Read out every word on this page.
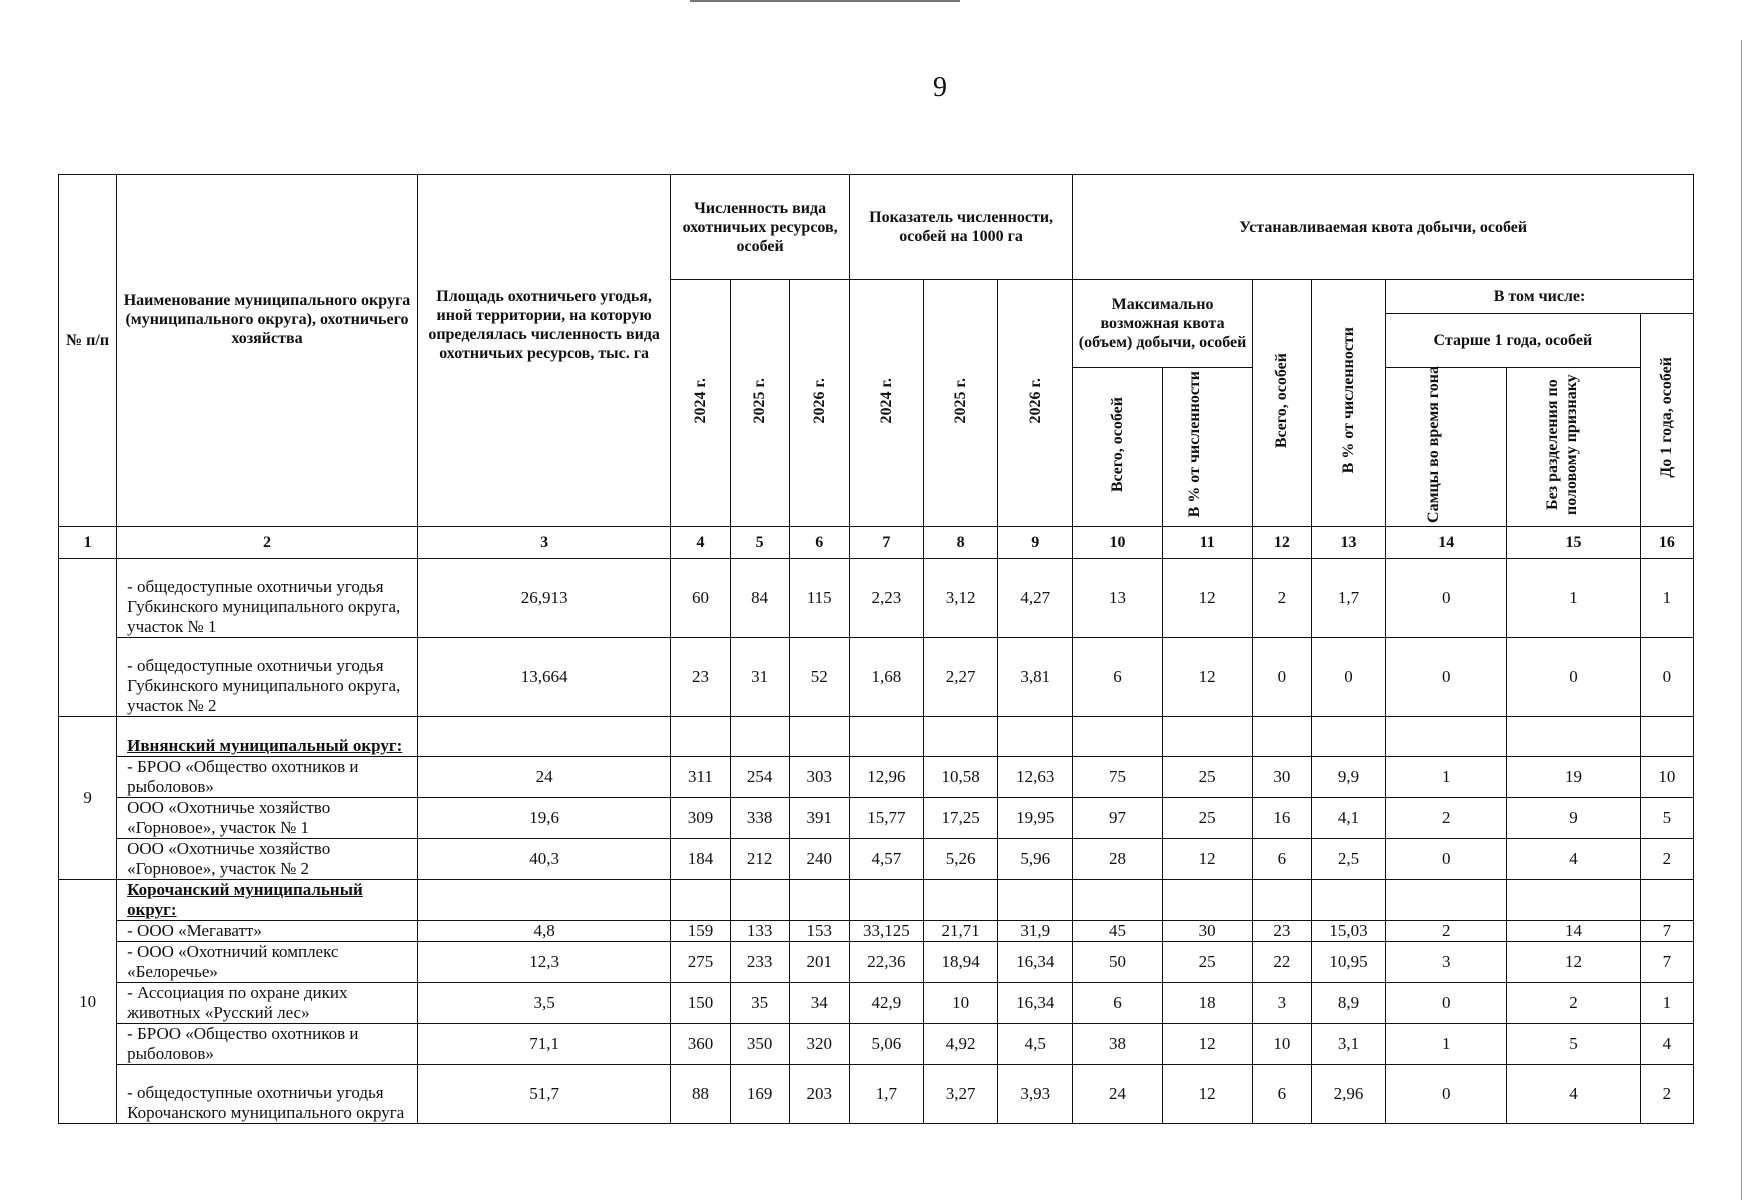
9
№ п/п	Наименование муниципального округа (муниципального округа), охотничьего хозяйства	Площадь охотничьего угодья, иной территории, на которую определялась численность вида охотничьих ресурсов, тыс. га	Численность вида охотничьих ресурсов, особей			Показатель численности, особей на 1000 га			Устанавливаемая квота добычи, особей						
			2024 г.	2025 г.	2026 г.	2024 г.	2025 г.	2026 г.	Максимально возможная квота (объем) добычи, особей		Всего, особей	В % от численности	В том числе:		
													Старше 1 года, особей		До 1 года, особей
									Всего, особей	В % от численности			Самцы во время гона	Без разделения по половому признаку	
1	2	3	4	5	6	7	8	9	10	11	12	13	14	15	16
	- общедоступные охотничьи угодья Губкинского муниципального округа, участок № 1	26,913	60	84	115	2,23	3,12	4,27	13	12	2	1,7	0	1	1
	- общедоступные охотничьи угодья Губкинского муниципального округа, участок № 2	13,664	23	31	52	1,68	2,27	3,81	6	12	0	0	0	0	0
9	Ивнянский муниципальный округ:														
	- БРОО «Общество охотников и рыболовов»	24	311	254	303	12,96	10,58	12,63	75	25	30	9,9	1	19	10
	ООО «Охотничье хозяйство «Горновое», участок № 1	19,6	309	338	391	15,77	17,25	19,95	97	25	16	4,1	2	9	5
	ООО «Охотничье хозяйство «Горновое», участок № 2	40,3	184	212	240	4,57	5,26	5,96	28	12	6	2,5	0	4	2
10	Корочанский муниципальный округ:														
	- ООО «Мегаватт»	4,8	159	133	153	33,125	21,71	31,9	45	30	23	15,03	2	14	7
	- ООО «Охотничий комплекс «Белоречье»	12,3	275	233	201	22,36	18,94	16,34	50	25	22	10,95	3	12	7
	- Ассоциация по охране диких животных «Русский лес»	3,5	150	35	34	42,9	10	16,34	6	18	3	8,9	0	2	1
	- БРОО «Общество охотников и рыболовов»	71,1	360	350	320	5,06	4,92	4,5	38	12	10	3,1	1	5	4
	- общедоступные охотничьи угодья Корочанского муниципального округа	51,7	88	169	203	1,7	3,27	3,93	24	12	6	2,96	0	4	2
